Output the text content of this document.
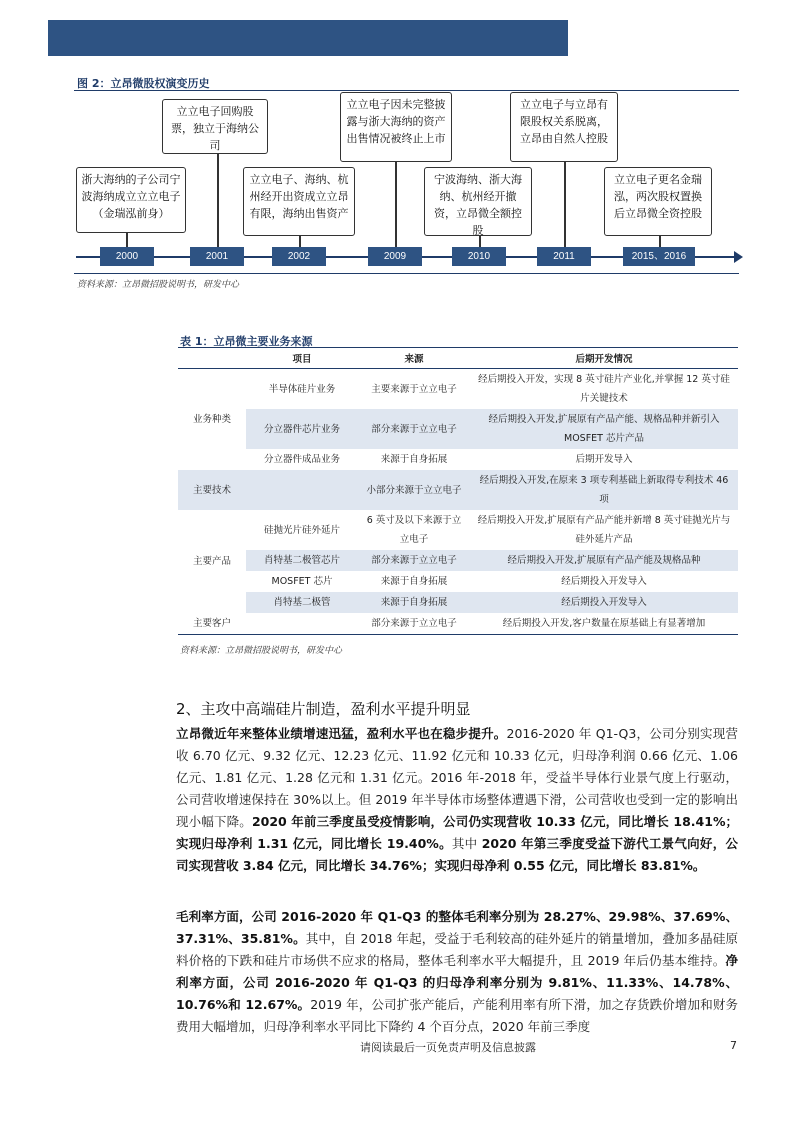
图 2：立昂微股权演变历史
2000	2001	2002	2009	2010	2011	2015、2016
浙大海纳的子公司宁波海纳成立立立电子（金瑞泓前身）
立立电子回购股票，独立于海纳公司
立立电子、海纳、杭州经开出资成立立昂有限，海纳出售资产
立立电子因未完整披露与浙大海纳的资产出售情况被终止上市
宁波海纳、浙大海纳、杭州经开撤资，立昂微全额控股
立立电子与立昂有限股权关系脱离，立昂由自然人控股
立立电子更名金瑞泓，两次股权置换后立昂微全资控股
资料来源：立昂微招股说明书，研发中心
表 1：立昂微主要业务来源
	项目	来源	后期开发情况
业务种类	半导体硅片业务	主要来源于立立电子	经后期投入开发，实现 8 英寸硅片产业化,并掌握 12 英寸硅片关键技术
	分立器件芯片业务	部分来源于立立电子	经后期投入开发,扩展原有产品产能、规格品种并新引入 MOSFET 芯片产品
	分立器件成品业务	来源于自身拓展	后期开发导入
主要技术		小部分来源于立立电子	经后期投入开发,在原来 3 项专利基础上新取得专利技术 46 项
主要产品	硅抛光片硅外延片	6 英寸及以下来源于立立电子	经后期投入开发,扩展原有产品产能并新增 8 英寸硅抛光片与硅外延片产品
	肖特基二极管芯片	部分来源于立立电子	经后期投入开发,扩展原有产品产能及规格品种
	MOSFET 芯片	来源于自身拓展	经后期投入开发导入
	肖特基二极管	来源于自身拓展	经后期投入开发导入
主要客户		部分来源于立立电子	经后期投入开发,客户数量在原基础上有显著增加
资料来源：立昂微招股说明书，研发中心
2、主攻中高端硅片制造，盈利水平提升明显
立昂微近年来整体业绩增速迅猛，盈利水平也在稳步提升。2016-2020 年 Q1-Q3，公司分别实现营收 6.70 亿元、9.32 亿元、12.23 亿元、11.92 亿元和 10.33 亿元，归母净利润 0.66 亿元、1.06 亿元、1.81 亿元、1.28 亿元和 1.31 亿元。2016 年-2018 年，受益半导体行业景气度上行驱动，公司营收增速保持在 30%以上。但 2019 年半导体市场整体遭遇下滑，公司营收也受到一定的影响出现小幅下降。2020 年前三季度虽受疫情影响，公司仍实现营收 10.33 亿元，同比增长 18.41%；实现归母净利 1.31 亿元，同比增长 19.40%。其中 2020 年第三季度受益下游代工景气向好，公司实现营收 3.84 亿元，同比增长 34.76%；实现归母净利 0.55 亿元，同比增长 83.81%。
毛利率方面，公司 2016-2020 年 Q1-Q3 的整体毛利率分别为 28.27%、29.98%、37.69%、37.31%、35.81%。其中，自 2018 年起，受益于毛利较高的硅外延片的销量增加，叠加多晶硅原料价格的下跌和硅片市场供不应求的格局，整体毛利率水平大幅提升，且 2019 年后仍基本维持。净利率方面，公司 2016-2020 年 Q1-Q3 的归母净利率分别为 9.81%、11.33%、14.78%、10.76%和 12.67%。2019 年，公司扩张产能后，产能利用率有所下滑，加之存货跌价增加和财务费用大幅增加，归母净利率水平同比下降约 4 个百分点，2020 年前三季度
请阅读最后一页免责声明及信息披露	7
